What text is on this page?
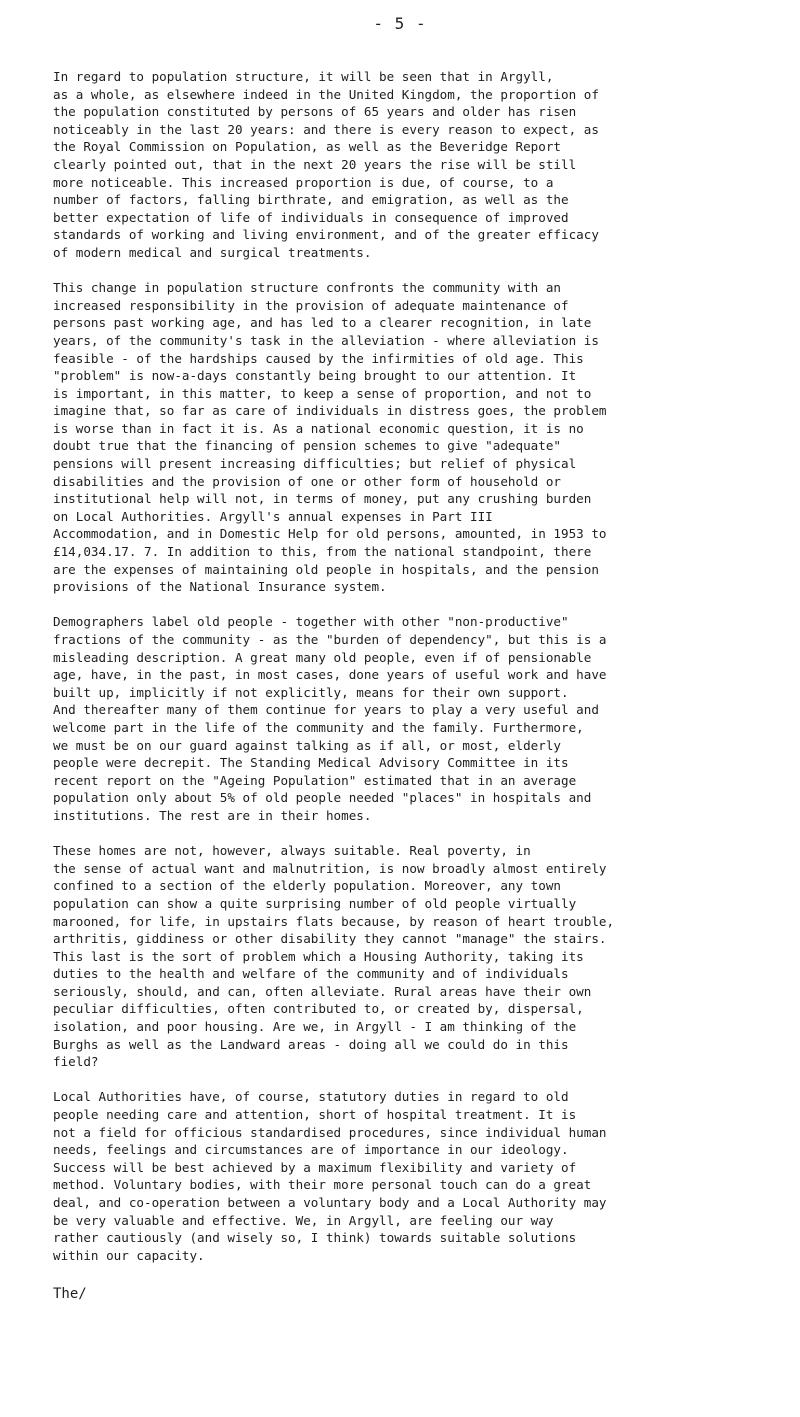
- 5 -
In regard to population structure, it will be seen that in Argyll,
as a whole, as elsewhere indeed in the United Kingdom, the proportion of
the population constituted by persons of 65 years and older has risen
noticeably in the last 20 years: and there is every reason to expect, as
the Royal Commission on Population, as well as the Beveridge Report
clearly pointed out, that in the next 20 years the rise will be still
more noticeable. This increased proportion is due, of course, to a
number of factors, falling birthrate, and emigration, as well as the
better expectation of life of individuals in consequence of improved
standards of working and living environment, and of the greater efficacy
of modern medical and surgical treatments.
This change in population structure confronts the community with an
increased responsibility in the provision of adequate maintenance of
persons past working age, and has led to a clearer recognition, in late
years, of the community's task in the alleviation - where alleviation is
feasible - of the hardships caused by the infirmities of old age. This
"problem" is now-a-days constantly being brought to our attention. It
is important, in this matter, to keep a sense of proportion, and not to
imagine that, so far as care of individuals in distress goes, the problem
is worse than in fact it is. As a national economic question, it is no
doubt true that the financing of pension schemes to give "adequate"
pensions will present increasing difficulties; but relief of physical
disabilities and the provision of one or other form of household or
institutional help will not, in terms of money, put any crushing burden
on Local Authorities. Argyll's annual expenses in Part III
Accommodation, and in Domestic Help for old persons, amounted, in 1953 to
£14,034.17. 7. In addition to this, from the national standpoint, there
are the expenses of maintaining old people in hospitals, and the pension
provisions of the National Insurance system.
Demographers label old people - together with other "non-productive"
fractions of the community - as the "burden of dependency", but this is a
misleading description. A great many old people, even if of pensionable
age, have, in the past, in most cases, done years of useful work and have
built up, implicitly if not explicitly, means for their own support.
And thereafter many of them continue for years to play a very useful and
welcome part in the life of the community and the family. Furthermore,
we must be on our guard against talking as if all, or most, elderly
people were decrepit. The Standing Medical Advisory Committee in its
recent report on the "Ageing Population" estimated that in an average
population only about 5% of old people needed "places" in hospitals and
institutions. The rest are in their homes.
These homes are not, however, always suitable. Real poverty, in
the sense of actual want and malnutrition, is now broadly almost entirely
confined to a section of the elderly population. Moreover, any town
population can show a quite surprising number of old people virtually
marooned, for life, in upstairs flats because, by reason of heart trouble,
arthritis, giddiness or other disability they cannot "manage" the stairs.
This last is the sort of problem which a Housing Authority, taking its
duties to the health and welfare of the community and of individuals
seriously, should, and can, often alleviate. Rural areas have their own
peculiar difficulties, often contributed to, or created by, dispersal,
isolation, and poor housing. Are we, in Argyll - I am thinking of the
Burghs as well as the Landward areas - doing all we could do in this
field?
Local Authorities have, of course, statutory duties in regard to old
people needing care and attention, short of hospital treatment. It is
not a field for officious standardised procedures, since individual human
needs, feelings and circumstances are of importance in our ideology.
Success will be best achieved by a maximum flexibility and variety of
method. Voluntary bodies, with their more personal touch can do a great
deal, and co-operation between a voluntary body and a Local Authority may
be very valuable and effective. We, in Argyll, are feeling our way
rather cautiously (and wisely so, I think) towards suitable solutions
within our capacity.
The/
